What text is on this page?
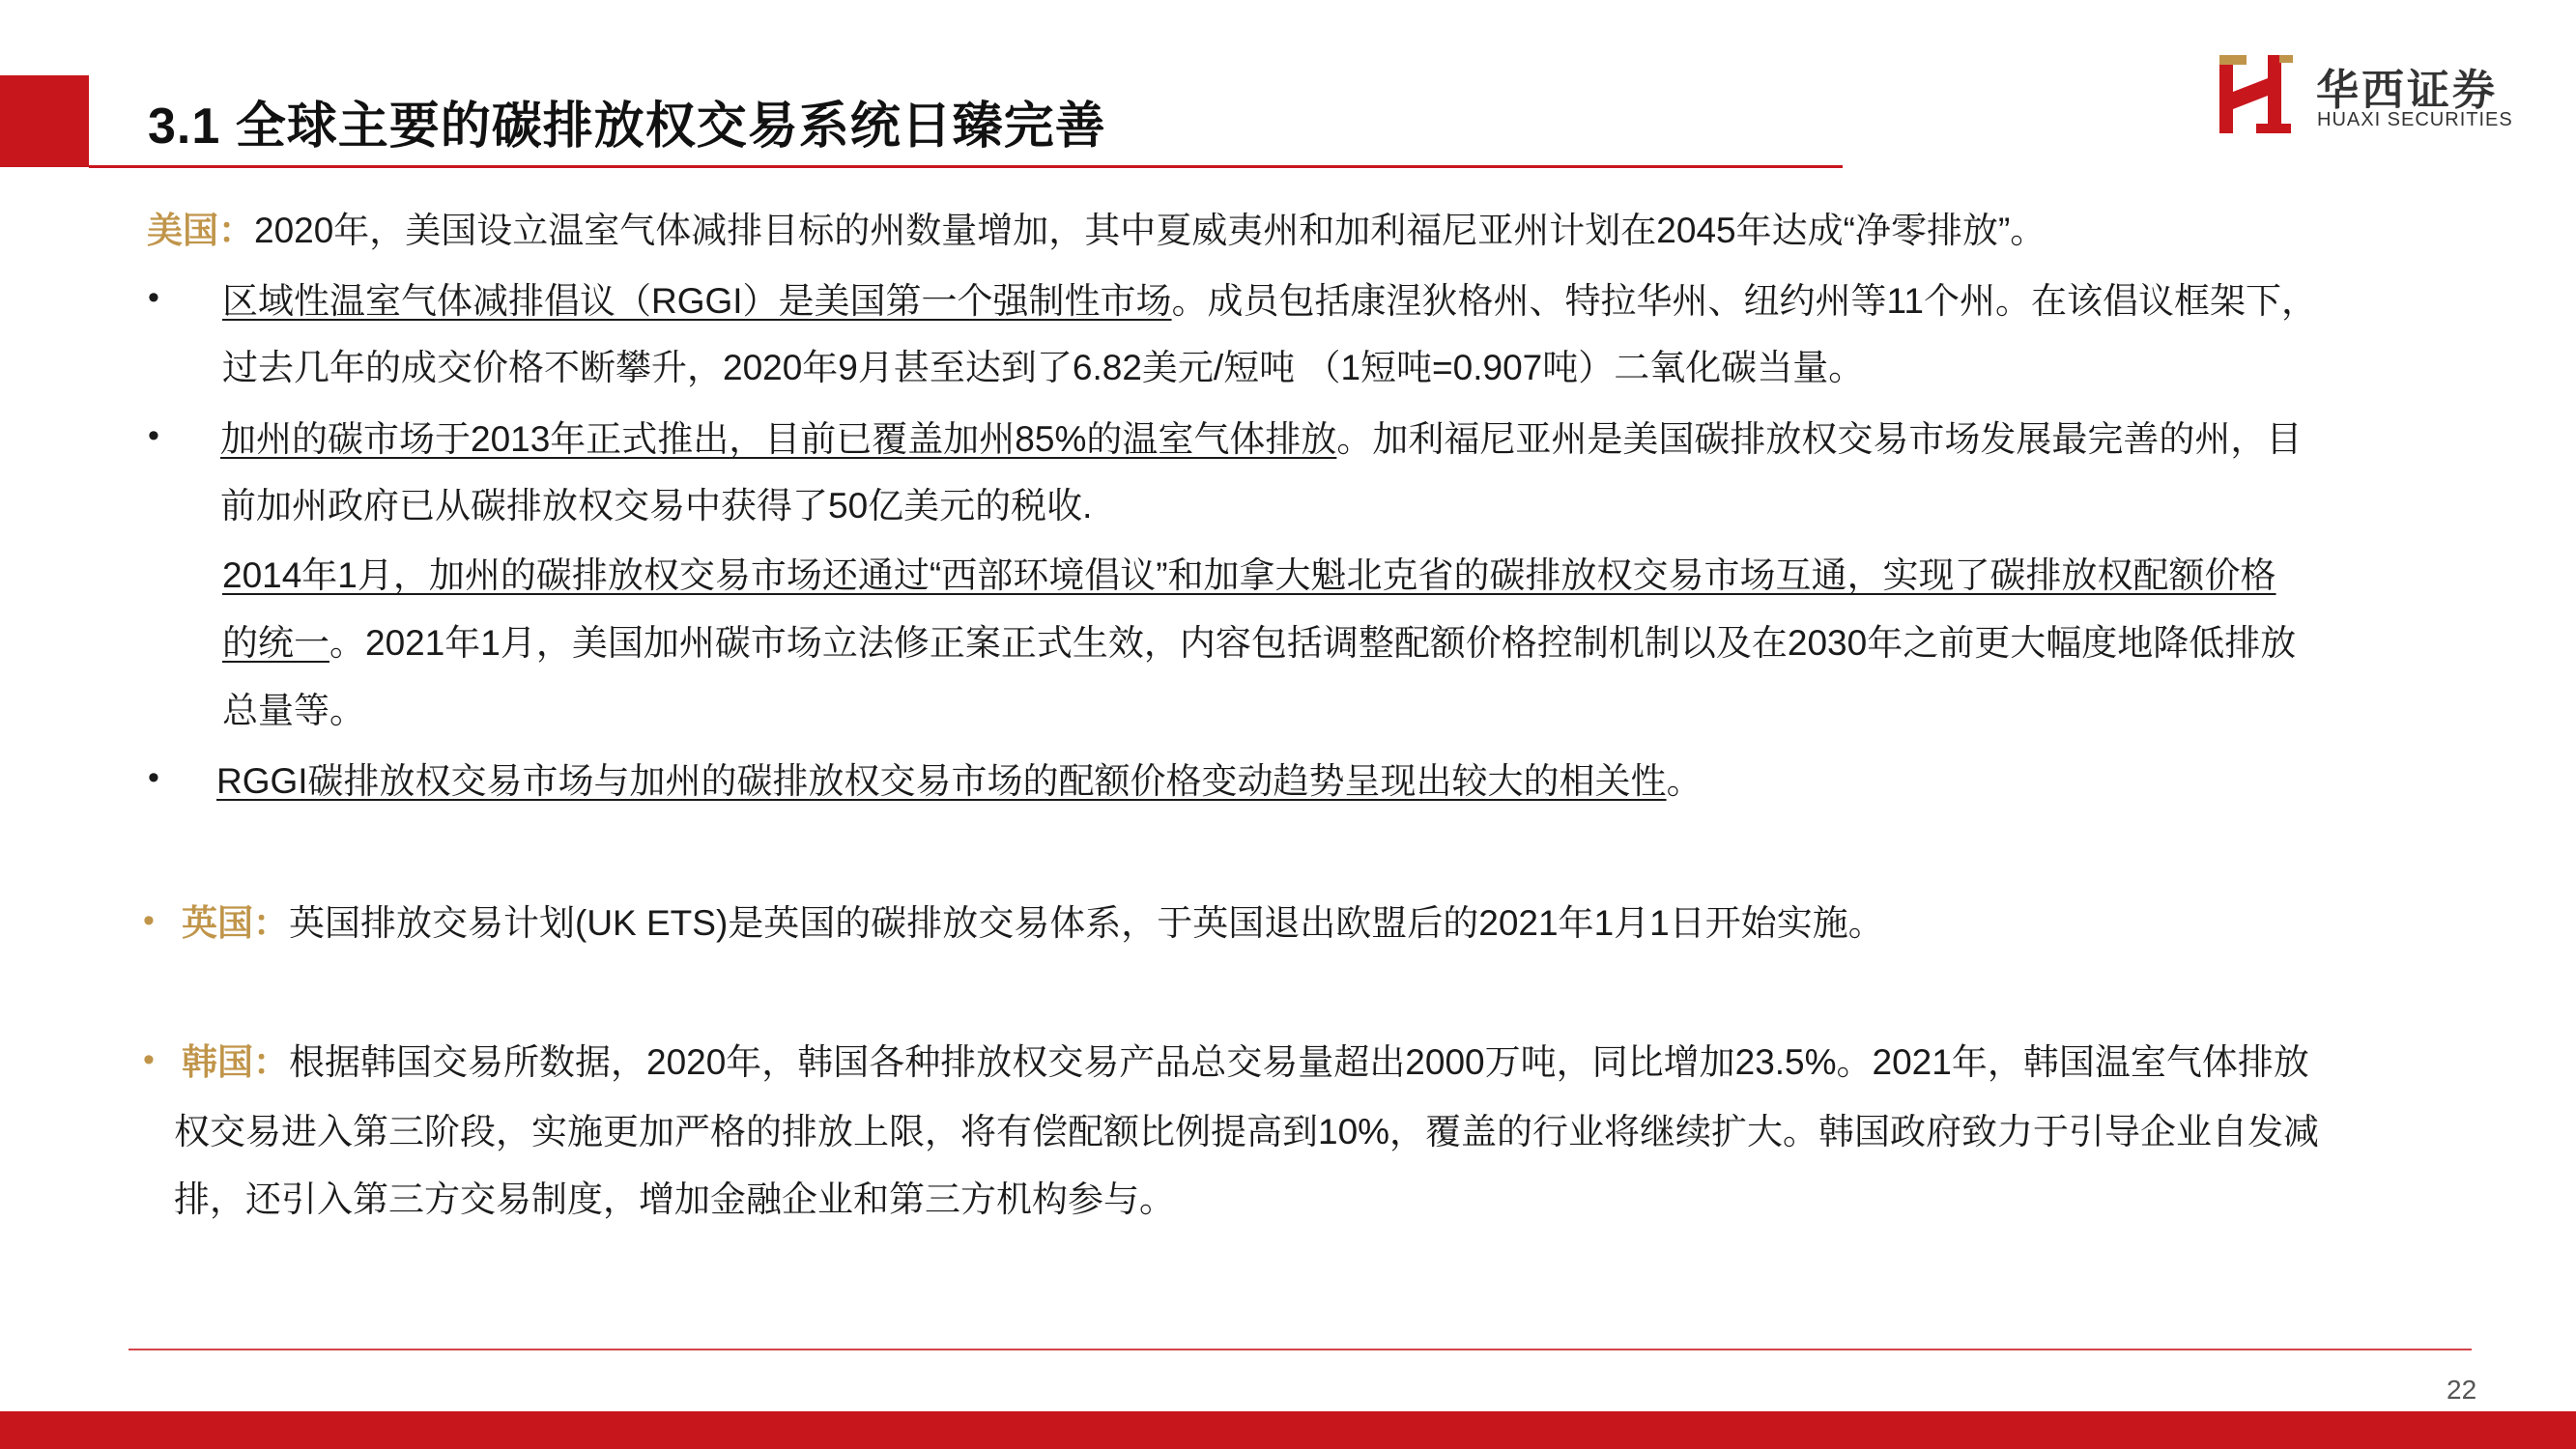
3.1 全球主要的碳排放权交易系统日臻完善
华西证券
HUAXI SECURITIES
美国：2020年，美国设立温室气体减排目标的州数量增加，其中夏威夷州和加利福尼亚州计划在2045年达成“净零排放”。
• 区域性温室气体减排倡议（RGGI）是美国第一个强制性市场。成员包括康涅狄格州、特拉华州、纽约州等11个州。在该倡议框架下，
过去几年的成交价格不断攀升，2020年9月甚至达到了6.82美元/短吨 （1短吨=0.907吨）二氧化碳当量。
• 加州的碳市场于2013年正式推出，目前已覆盖加州85%的温室气体排放。加利福尼亚州是美国碳排放权交易市场发展最完善的州，目
前加州政府已从碳排放权交易中获得了50亿美元的税收.
2014年1月，加州的碳排放权交易市场还通过“西部环境倡议”和加拿大魁北克省的碳排放权交易市场互通，实现了碳排放权配额价格
的统一。2021年1月，美国加州碳市场立法修正案正式生效，内容包括调整配额价格控制机制以及在2030年之前更大幅度地降低排放
总量等。
• RGGI碳排放权交易市场与加州的碳排放权交易市场的配额价格变动趋势呈现出较大的相关性。
• 英国：英国排放交易计划(UK ETS)是英国的碳排放交易体系，于英国退出欧盟后的2021年1月1日开始实施。
• 韩国：根据韩国交易所数据，2020年，韩国各种排放权交易产品总交易量超出2000万吨，同比增加23.5%。2021年，韩国温室气体排放
权交易进入第三阶段，实施更加严格的排放上限，将有偿配额比例提高到10%，覆盖的行业将继续扩大。韩国政府致力于引导企业自发减
排，还引入第三方交易制度，增加金融企业和第三方机构参与。
22
